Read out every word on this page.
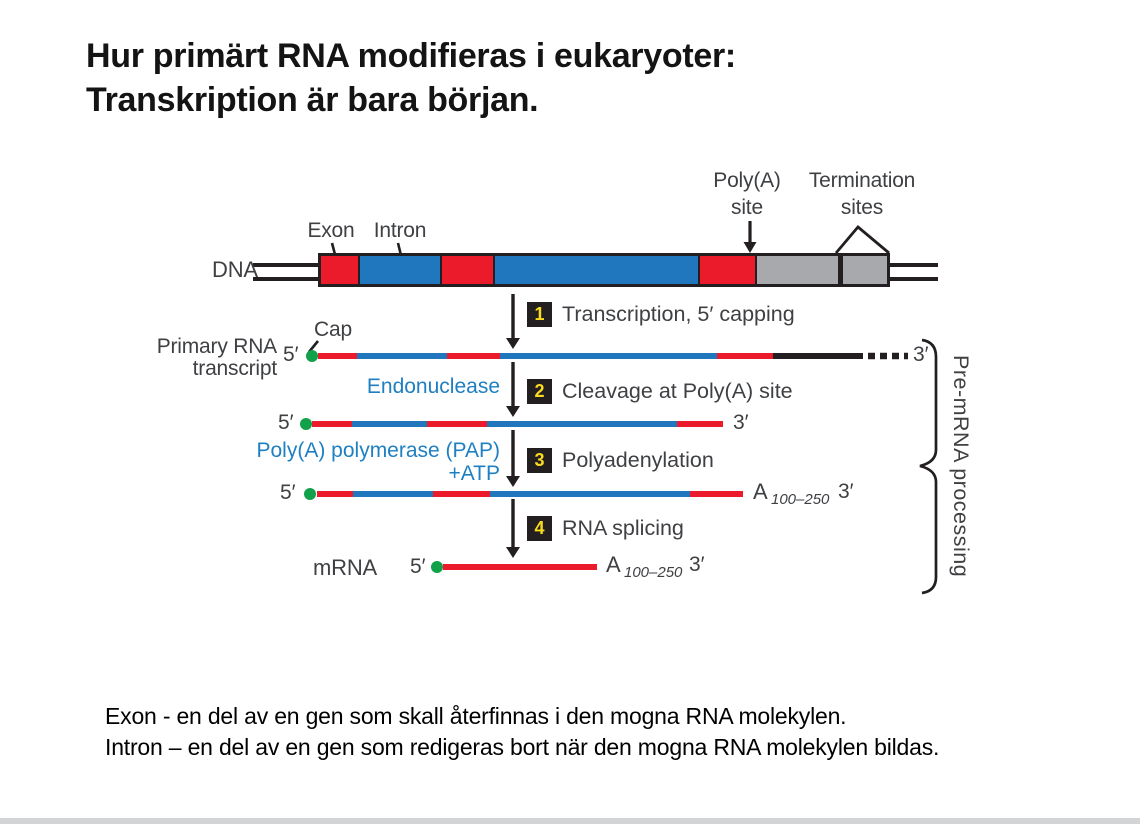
Hur primärt RNA modifieras i eukaryoter:
Transkription är bara början.
DNA
Exon Intron
Poly(A)
site
Termination
sites
1 Transcription, 5′ capping
Primary RNA
transcript
Cap
5′	3′
Endonuclease 2 Cleavage at Poly(A) site
5′	3′
Poly(A) polymerase (PAP)
+ATP
3 Polyadenylation
5′	A 100–250 3′
4 RNA splicing
mRNA 5′	A 100–250 3′	Pre-mRNA processing
Exon - en del av en gen som skall återfinnas i den mogna RNA molekylen.
Intron – en del av en gen som redigeras bort när den mogna RNA molekylen bildas.
